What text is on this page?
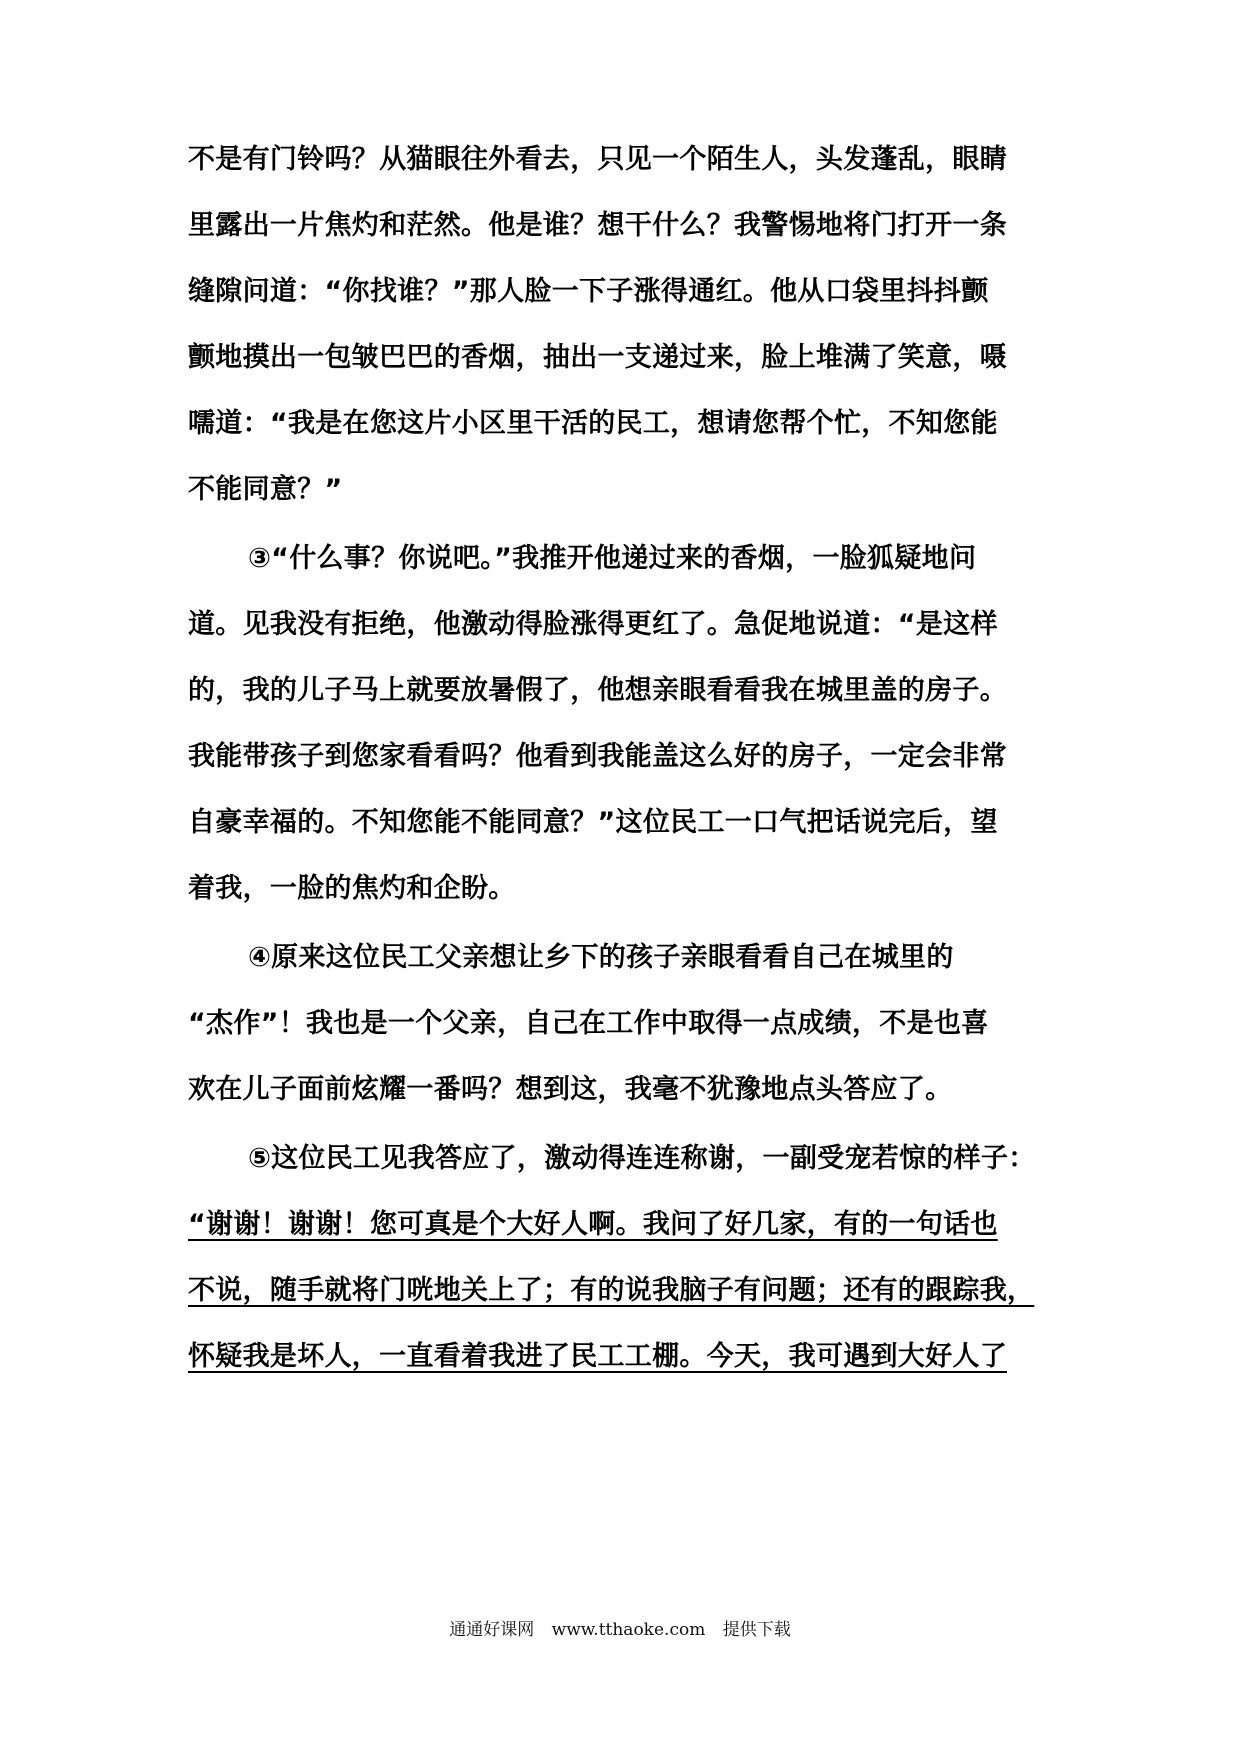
不是有门铃吗？从猫眼往外看去，只见一个陌生人，头发蓬乱，眼睛
里露出一片焦灼和茫然。他是谁？想干什么？我警惕地将门打开一条
缝隙问道：“你找谁？”那人脸一下子涨得通红。他从口袋里抖抖颤
颤地摸出一包皱巴巴的香烟，抽出一支递过来，脸上堆满了笑意，嗫
嚅道：“我是在您这片小区里干活的民工，想请您帮个忙，不知您能
不能同意？”
③“什么事？你说吧。”我推开他递过来的香烟，一脸狐疑地问
道。见我没有拒绝，他激动得脸涨得更红了。急促地说道：“是这样
的，我的儿子马上就要放暑假了，他想亲眼看看我在城里盖的房子。
我能带孩子到您家看看吗？他看到我能盖这么好的房子，一定会非常
自豪幸福的。不知您能不能同意？”这位民工一口气把话说完后，望
着我，一脸的焦灼和企盼。
④原来这位民工父亲想让乡下的孩子亲眼看看自己在城里的
“杰作”！我也是一个父亲，自己在工作中取得一点成绩，不是也喜
欢在儿子面前炫耀一番吗？想到这，我毫不犹豫地点头答应了。
⑤这位民工见我答应了，激动得连连称谢，一副受宠若惊的样子：
“谢谢！谢谢！您可真是个大好人啊。我问了好几家，有的一句话也
不说，随手就将门咣地关上了；有的说我脑子有问题；还有的跟踪我，
怀疑我是坏人，一直看着我进了民工工棚。今天，我可遇到大好人了
通通好课网 www.tthaoke.com 提供下载
